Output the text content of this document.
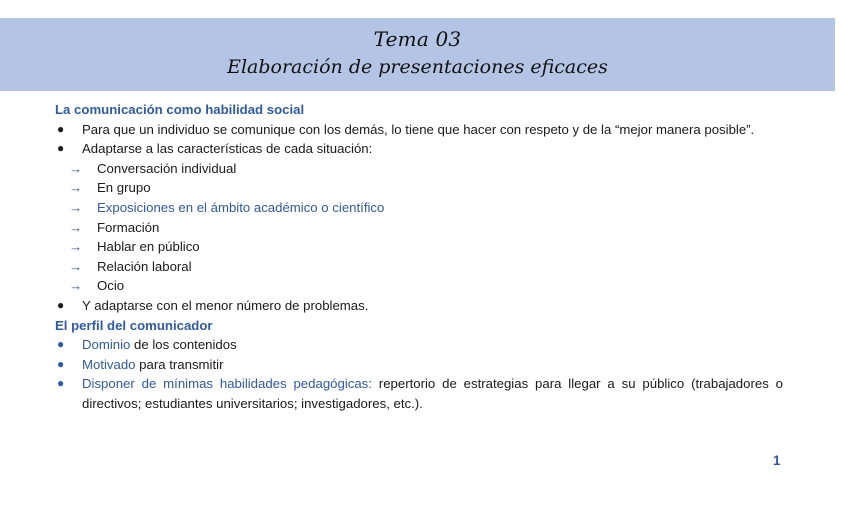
Tema 03
Elaboración de presentaciones eficaces
La comunicación como habilidad social
● Para que un individuo se comunique con los demás, lo tiene que hacer con respeto y de la “mejor manera posible”.
● Adaptarse a las características de cada situación:
→ Conversación individual
→ En grupo
→ Exposiciones en el ámbito académico o científico
→ Formación
→ Hablar en público
→ Relación laboral
→ Ocio
● Y adaptarse con el menor número de problemas.
El perfil del comunicador
● Dominio de los contenidos
● Motivado para transmitir
● Disponer de mínimas habilidades pedagógicas: repertorio de estrategias para llegar a su público (trabajadores o directivos; estudiantes universitarios; investigadores, etc.).
1
